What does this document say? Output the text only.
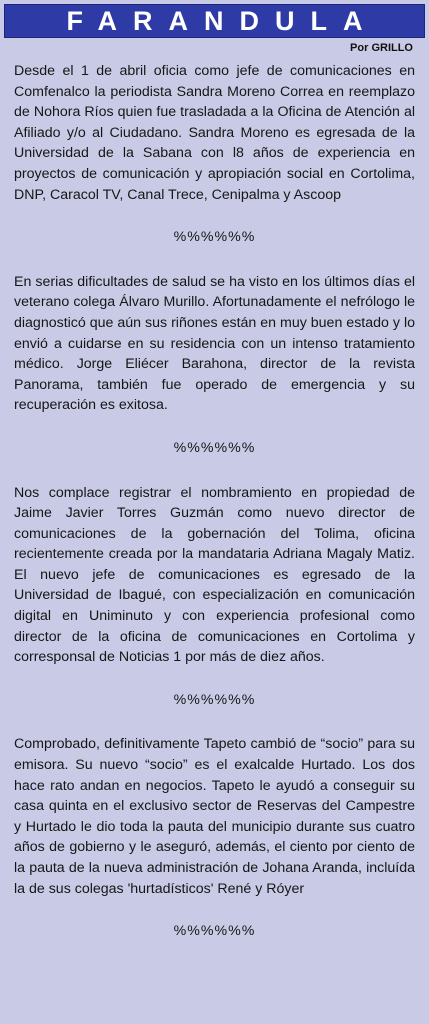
FARANDULA
Por GRILLO

Desde el 1 de abril oficia como jefe de comunicaciones en Comfenalco la periodista Sandra Moreno Correa en reemplazo de Nohora Ríos quien fue trasladada a la Oficina de Atención al Afiliado y/o al Ciudadano. Sandra Moreno es egresada de la Universidad de la Sabana con l8 años de experiencia en proyectos de comunicación y apropiación social en Cortolima, DNP, Caracol TV, Canal Trece, Cenipalma y Ascoop

%%%%%%

En serias dificultades de salud se ha visto en los últimos días el veterano colega Álvaro Murillo. Afortunadamente el nefrólogo le diagnosticó que aún sus riñones están en muy buen estado y lo envió a cuidarse en su residencia con un intenso tratamiento médico. Jorge Eliécer Barahona, director de la revista Panorama, también fue operado de emergencia y su recuperación es exitosa.

%%%%%%

Nos complace registrar el nombramiento en propiedad de Jaime Javier Torres Guzmán como nuevo director de comunicaciones de la gobernación del Tolima, oficina recientemente creada por la mandataria Adriana Magaly Matiz. El nuevo jefe de comunicaciones es egresado de la Universidad de Ibagué, con especialización en comunicación digital en Uniminuto y con experiencia profesional como director de la oficina de comunicaciones en Cortolima y corresponsal de Noticias 1 por más de diez años.

%%%%%%

Comprobado, definitivamente Tapeto cambió de “socio” para su emisora. Su nuevo “socio” es el exalcalde Hurtado. Los dos hace rato andan en negocios. Tapeto le ayudó a conseguir su casa quinta en el exclusivo sector de Reservas del Campestre y Hurtado le dio toda la pauta del municipio durante sus cuatro años de gobierno y le aseguró, además, el ciento por ciento de la pauta de la nueva administración de Johana Aranda, incluída la de sus colegas 'hurtadísticos' René y Róyer

%%%%%%
